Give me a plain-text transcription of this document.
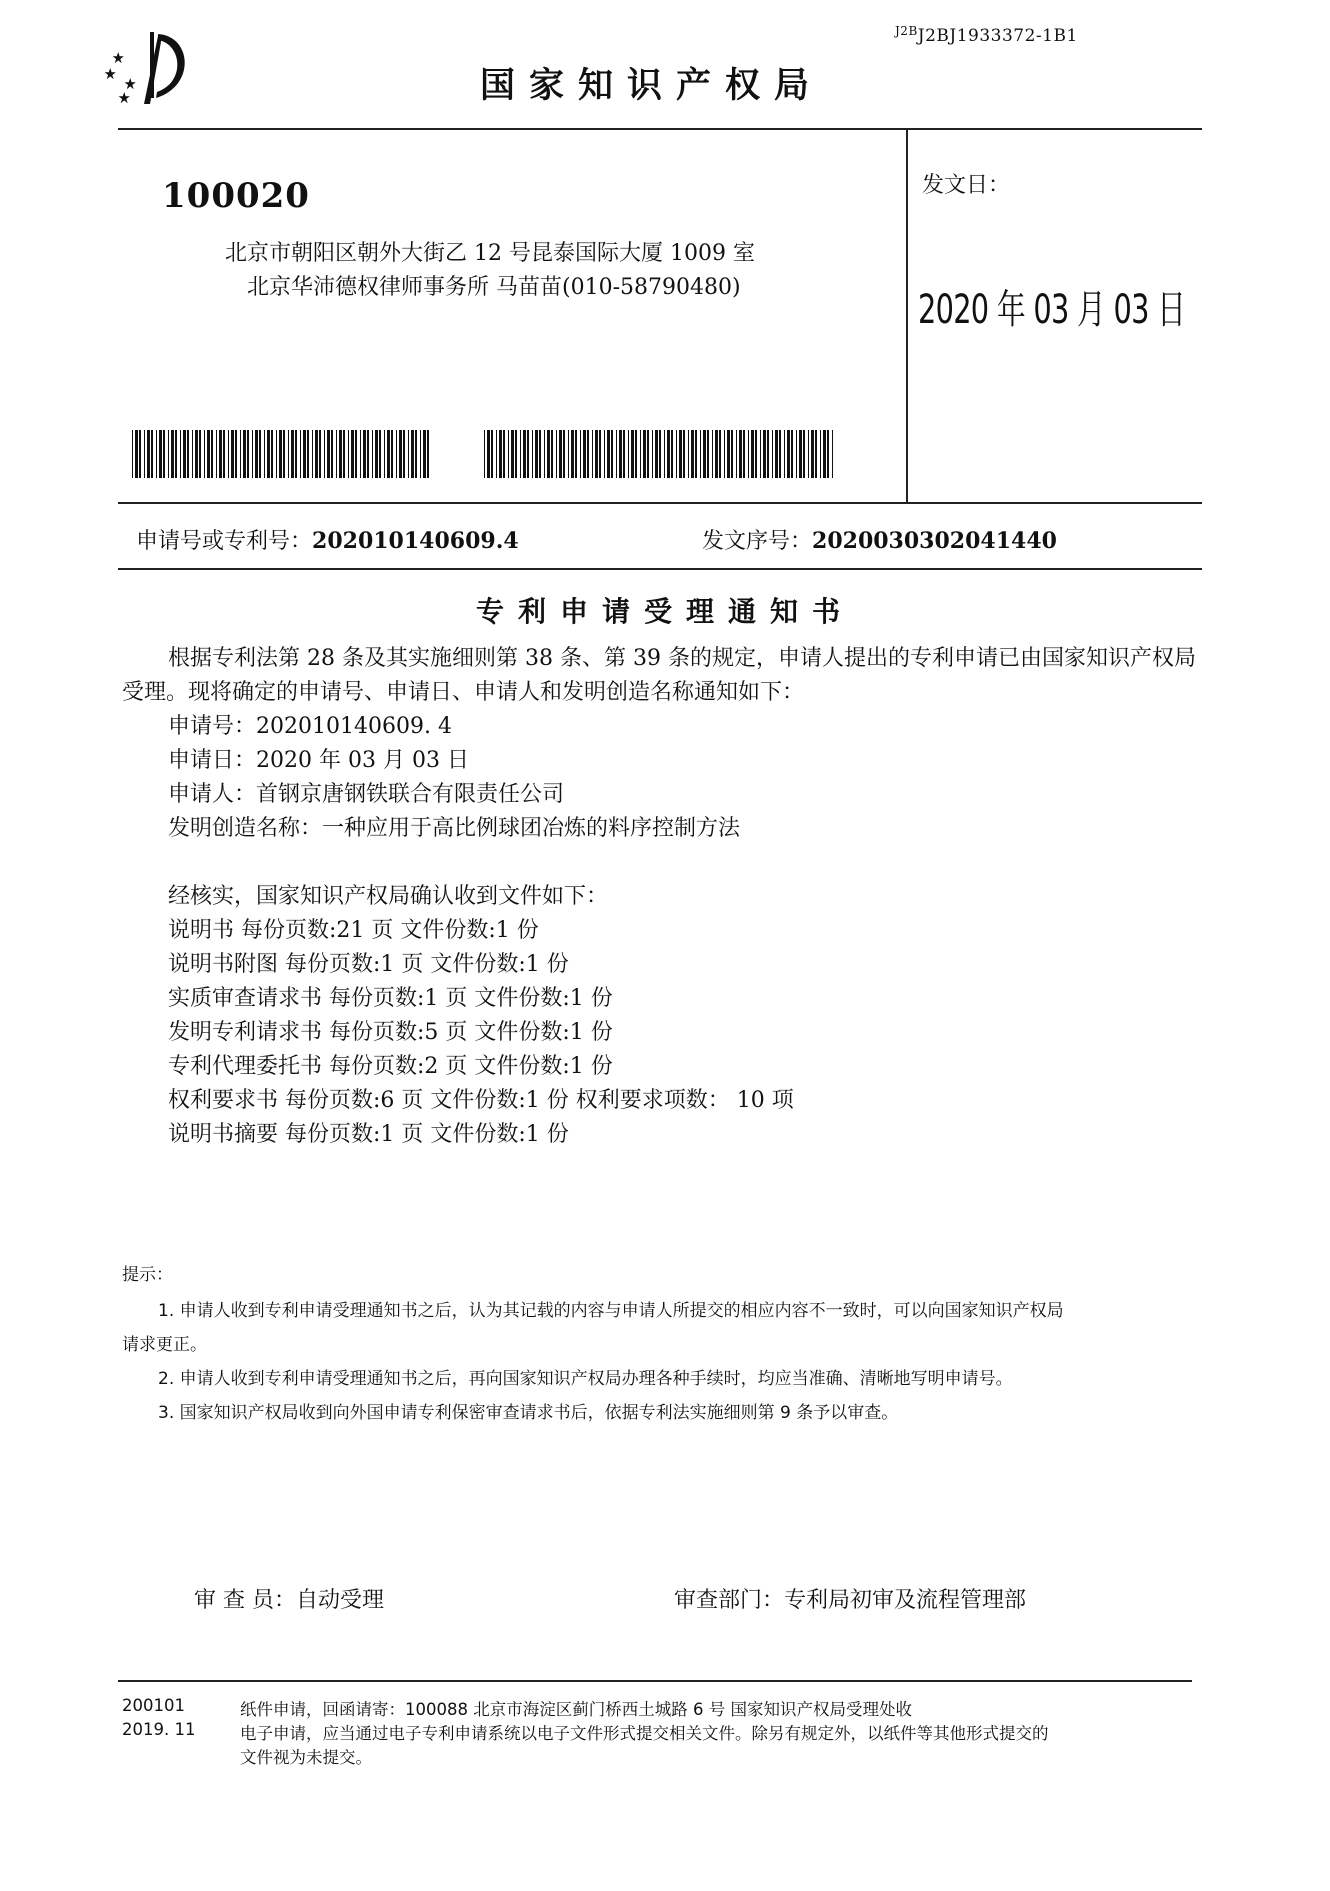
$^{J2B}$J2BJ1933372-1B1
国家知识产权局
100020
北京市朝阳区朝外大街乙 12 号昆泰国际大厦 1009 室
北京华沛德权律师事务所 马苗苗(010-58790480)
发文日：
2020 年 03 月 03 日
申请号或专利号：202010140609.4	发文序号：2020030302041440
专利申请受理通知书
根据专利法第 28 条及其实施细则第 38 条、第 39 条的规定，申请人提出的专利申请已由国家知识产权局
受理。现将确定的申请号、申请日、申请人和发明创造名称通知如下：
申请号：202010140609. 4
申请日：2020 年 03 月 03 日
申请人：首钢京唐钢铁联合有限责任公司
发明创造名称：一种应用于高比例球团冶炼的料序控制方法
经核实，国家知识产权局确认收到文件如下：
说明书 每份页数:21 页 文件份数:1 份
说明书附图 每份页数:1 页 文件份数:1 份
实质审查请求书 每份页数:1 页 文件份数:1 份
发明专利请求书 每份页数:5 页 文件份数:1 份
专利代理委托书 每份页数:2 页 文件份数:1 份
权利要求书 每份页数:6 页 文件份数:1 份 权利要求项数： 10 项
说明书摘要 每份页数:1 页 文件份数:1 份
提示：
1. 申请人收到专利申请受理通知书之后，认为其记载的内容与申请人所提交的相应内容不一致时，可以向国家知识产权局
请求更正。
2. 申请人收到专利申请受理通知书之后，再向国家知识产权局办理各种手续时，均应当准确、清晰地写明申请号。
3. 国家知识产权局收到向外国申请专利保密审查请求书后，依据专利法实施细则第 9 条予以审查。
审 查 员：自动受理	审查部门：专利局初审及流程管理部
200101
2019. 11
纸件申请，回函请寄：100088 北京市海淀区蓟门桥西土城路 6 号 国家知识产权局受理处收
电子申请，应当通过电子专利申请系统以电子文件形式提交相关文件。除另有规定外，以纸件等其他形式提交的
文件视为未提交。
